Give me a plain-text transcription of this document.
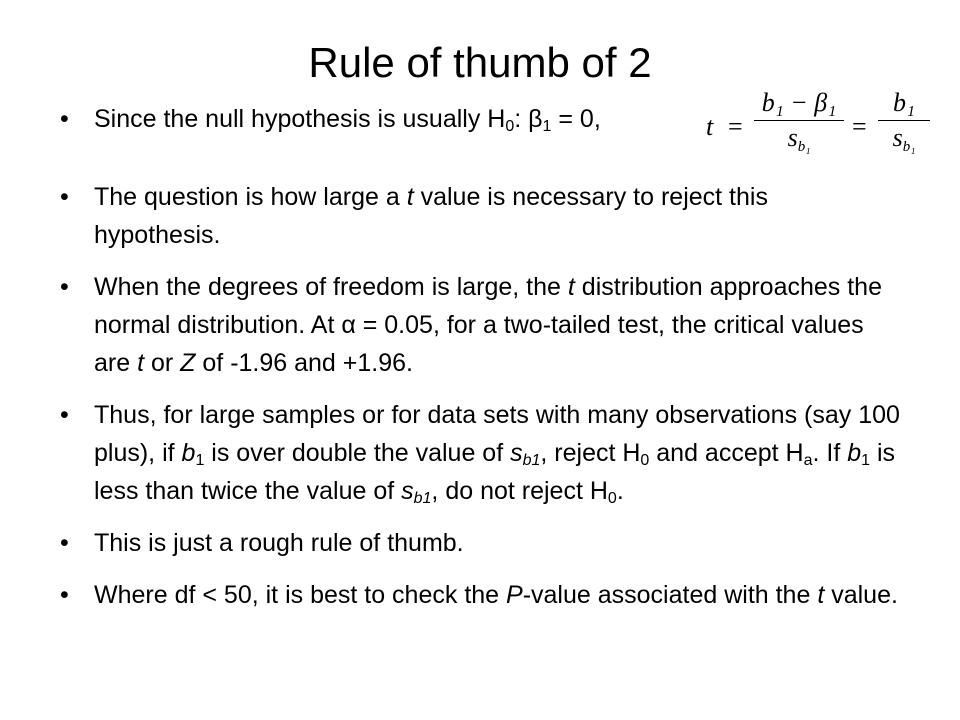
Rule of thumb of 2
t =
b₁ − β₁
$s_{b_1}$
=
b₁
$s_{b_1}$
• Since the null hypothesis is usually $H_0$: $\beta_1 = 0$,
• The question is how large a t value is necessary to reject this hypothesis.
• When the degrees of freedom is large, the t distribution approaches the normal distribution. At α = 0.05, for a two-tailed test, the critical values are t or Z of -1.96 and +1.96.
• Thus, for large samples or for data sets with many observations (say 100 plus), if $b_1$ is over double the value of $s_{b1}$, reject $H_0$ and accept $H_a$. If $b_1$ is less than twice the value of $s_{b1}$, do not reject $H_0$.
• This is just a rough rule of thumb.
• Where df < 50, it is best to check the P-value associated with the t value.
